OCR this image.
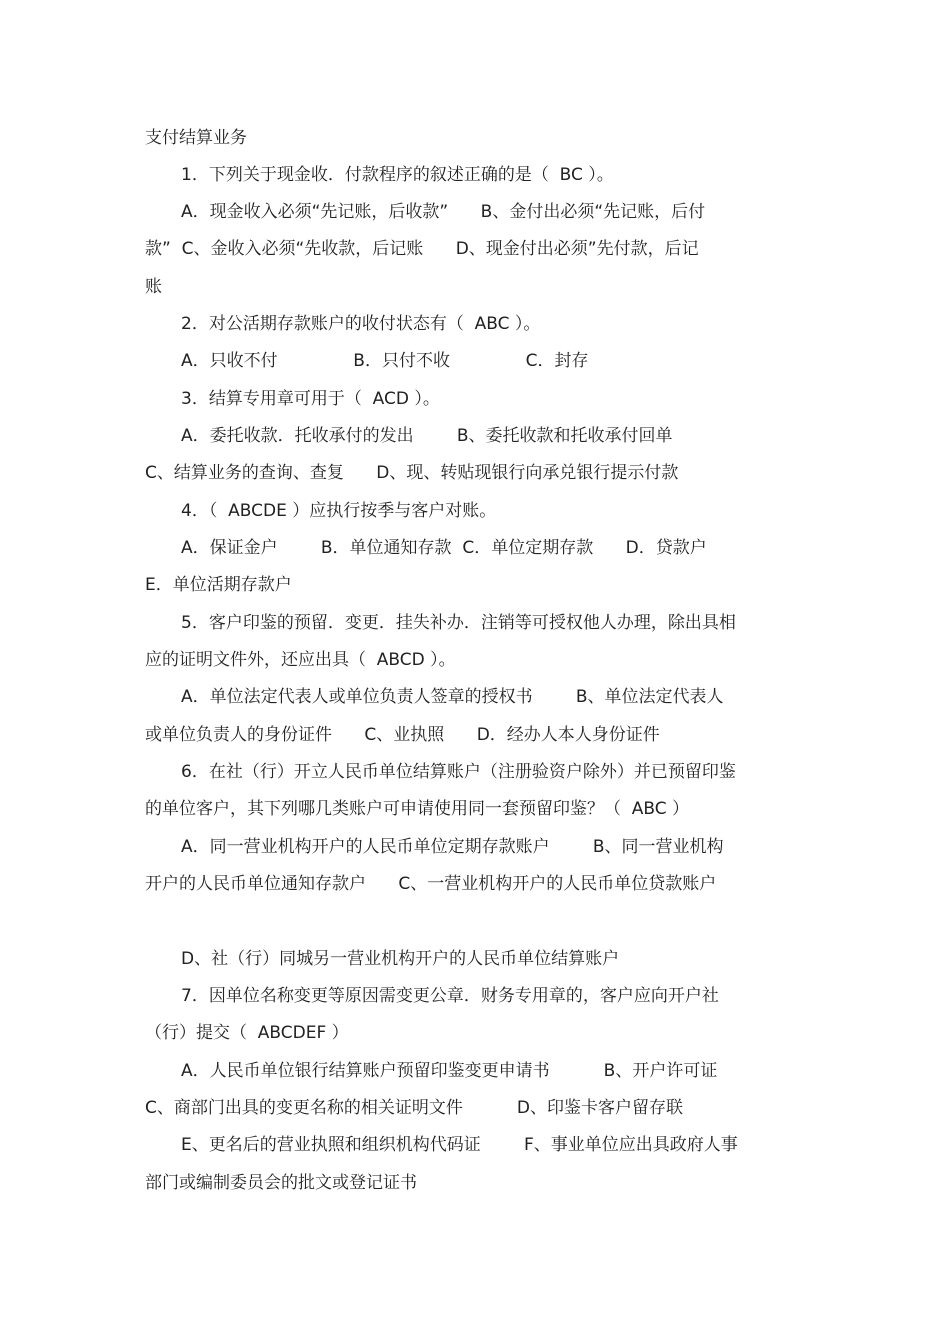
支付结算业务
1．下列关于现金收．付款程序的叙述正确的是（  BC ）。
A．现金收入必须“先记账，后收款”      B、金付出必须“先记账，后付
款”  C、金收入必须“先收款，后记账      D、现金付出必须”先付款，后记
账
2．对公活期存款账户的收付状态有（  ABC ）。
A．只收不付              B．只付不收              C．封存
3．结算专用章可用于（  ACD ）。
A．委托收款．托收承付的发出        B、委托收款和托收承付回单
C、结算业务的查询、查复      D、现、转贴现银行向承兑银行提示付款
4．（  ABCDE ）应执行按季与客户对账。
A．保证金户        B．单位通知存款  C．单位定期存款      D．贷款户
E．单位活期存款户
5．客户印鉴的预留．变更．挂失补办．注销等可授权他人办理，除出具相
应的证明文件外，还应出具（  ABCD ）。
A．单位法定代表人或单位负责人签章的授权书        B、单位法定代表人
或单位负责人的身份证件      C、业执照      D．经办人本人身份证件
6．在社（行）开立人民币单位结算账户（注册验资户除外）并已预留印鉴
的单位客户，其下列哪几类账户可申请使用同一套预留印鉴？（  ABC ）
A．同一营业机构开户的人民币单位定期存款账户        B、同一营业机构
开户的人民币单位通知存款户      C、一营业机构开户的人民币单位贷款账户
D、社（行）同城另一营业机构开户的人民币单位结算账户
7．因单位名称变更等原因需变更公章．财务专用章的，客户应向开户社
（行）提交（  ABCDEF ）
A．人民币单位银行结算账户预留印鉴变更申请书          B、开户许可证
C、商部门出具的变更名称的相关证明文件          D、印鉴卡客户留存联
E、更名后的营业执照和组织机构代码证        F、事业单位应出具政府人事
部门或编制委员会的批文或登记证书
